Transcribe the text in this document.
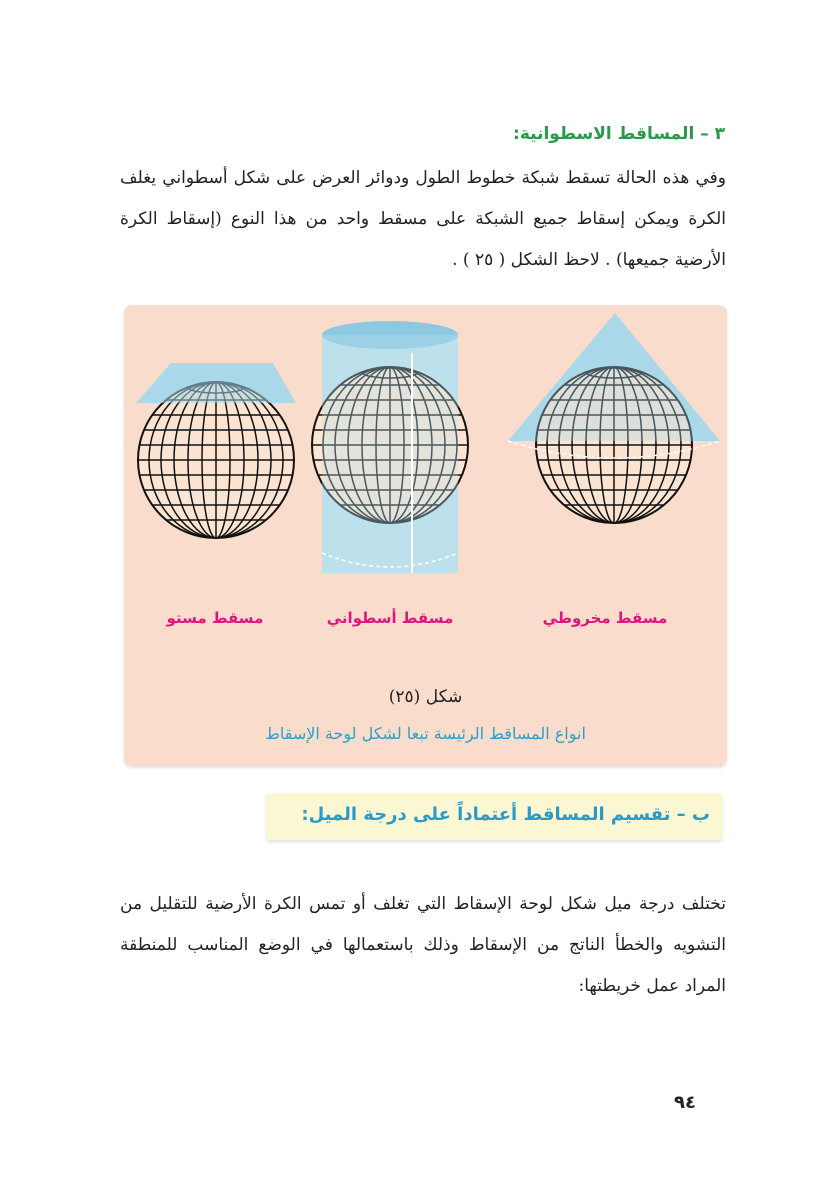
٣ – المساقط الاسطوانية:
وفي هذه الحالة تسقط شبكة خطوط الطول ودوائر العرض على شكل أسطواني يغلف الكرة ويمكن إسقاط جميع الشبكة على مسقط واحد من هذا النوع (إسقاط الكرة الأرضية جميعها) . لاحظ الشكل ( ٢٥ ) .
مسقط مخروطي
مسقط أسطواني
مسقط مستو
شكل (٢٥)
انواع المساقط الرئيسة تبعا لشكل لوحة الإسقاط
ب – تقسيم المساقط أعتماداً على درجة الميل:
تختلف درجة ميل شكل لوحة الإسقاط التي تغلف أو تمس الكرة الأرضية للتقليل من التشويه والخطأ الناتج من الإسقاط وذلك باستعمالها في الوضع المناسب للمنطقة المراد عمل خريطتها:
٩٤
